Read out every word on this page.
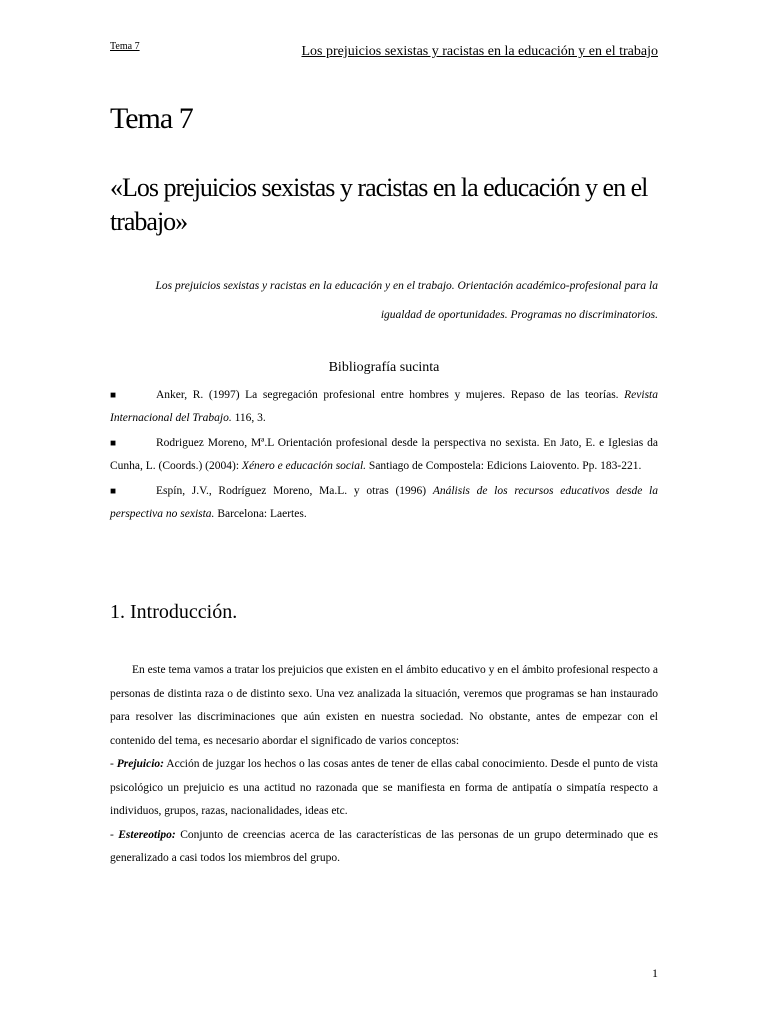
Tema 7	Los prejuicios sexistas y racistas en la educación y en el trabajo
Tema 7
«Los prejuicios sexistas y racistas en la educación y en el trabajo»

Los prejuicios sexistas y racistas en la educación y en el trabajo. Orientación académico-profesional para la igualdad de oportunidades. Programas no discriminatorios.

Bibliografía sucinta
■	Anker, R. (1997) La segregación profesional entre hombres y mujeres. Repaso de las teorías. Revista Internacional del Trabajo. 116, 3.
■	Rodriguez Moreno, Mª.L Orientación profesional desde la perspectiva no sexista. En Jato, E. e Iglesias da Cunha, L. (Coords.) (2004): Xénero e educación social. Santiago de Compostela: Edicions Laiovento. Pp. 183-221.
■	Espín, J.V., Rodríguez Moreno, Ma.L. y otras (1996) Análisis de los recursos educativos desde la perspectiva no sexista. Barcelona: Laertes.
1. Introducción.

En este tema vamos a tratar los prejuicios que existen en el ámbito educativo y en el ámbito profesional respecto a personas de distinta raza o de distinto sexo. Una vez analizada la situación, veremos que programas se han instaurado para resolver las discriminaciones que aún existen en nuestra sociedad. No obstante, antes de empezar con el contenido del tema, es necesario abordar el significado de varios conceptos:

- Prejuicio: Acción de juzgar los hechos o las cosas antes de tener de ellas cabal conocimiento. Desde el punto de vista psicológico un prejuicio es una actitud no razonada que se manifiesta en forma de antipatía o simpatía respecto a individuos, grupos, razas, nacionalidades, ideas etc.

- Estereotipo: Conjunto de creencias acerca de las características de las personas de un grupo determinado que es generalizado a casi todos los miembros del grupo.

1
